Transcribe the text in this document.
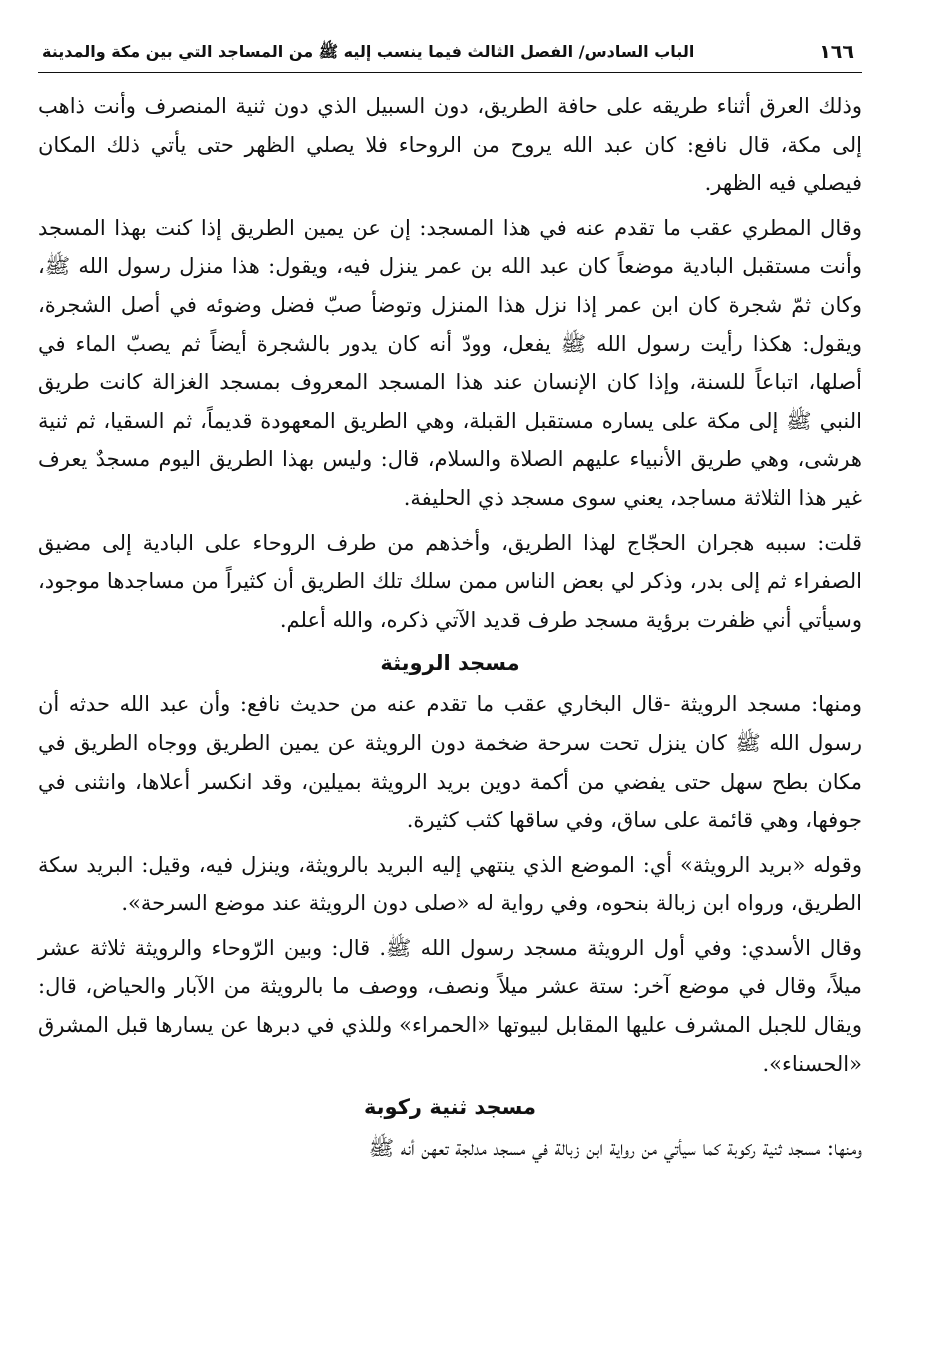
١٦٦
الباب السادس/ الفصل الثالث فيما ينسب إليه ﷺ من المساجد التي بين مكة والمدينة

وذلك العرق أثناء طريقه على حافة الطريق، دون السبيل الذي دون ثنية المنصرف وأنت ذاهب إلى مكة، قال نافع: كان عبد الله يروح من الروحاء فلا يصلي الظهر حتى يأتي ذلك المكان فيصلي فيه الظهر.

وقال المطري عقب ما تقدم عنه في هذا المسجد: إن عن يمين الطريق إذا كنت بهذا المسجد وأنت مستقبل البادية موضعاً كان عبد الله بن عمر ينزل فيه، ويقول: هذا منزل رسول الله ﷺ، وكان ثمّ شجرة كان ابن عمر إذا نزل هذا المنزل وتوضأ صبّ فضل وضوئه في أصل الشجرة، ويقول: هكذا رأيت رسول الله ﷺ يفعل، وودّ أنه كان يدور بالشجرة أيضاً ثم يصبّ الماء في أصلها، اتباعاً للسنة، وإذا كان الإنسان عند هذا المسجد المعروف بمسجد الغزالة كانت طريق النبي ﷺ إلى مكة على يساره مستقبل القبلة، وهي الطريق المعهودة قديماً، ثم السقيا، ثم ثنية هرشى، وهي طريق الأنبياء عليهم الصلاة والسلام، قال: وليس بهذا الطريق اليوم مسجدٌ يعرف غير هذا الثلاثة مساجد، يعني سوى مسجد ذي الحليفة.

قلت: سببه هجران الحجّاج لهذا الطريق، وأخذهم من طرف الروحاء على البادية إلى مضيق الصفراء ثم إلى بدر، وذكر لي بعض الناس ممن سلك تلك الطريق أن كثيراً من مساجدها موجود، وسيأتي أني ظفرت برؤية مسجد طرف قديد الآتي ذكره، والله أعلم.

مسجد الرويثة

ومنها: مسجد الرويثة -قال البخاري عقب ما تقدم عنه من حديث نافع: وأن عبد الله حدثه أن رسول الله ﷺ كان ينزل تحت سرحة ضخمة دون الرويثة عن يمين الطريق ووجاه الطريق في مكان بطح سهل حتى يفضي من أكمة دوين بريد الرويثة بميلين، وقد انكسر أعلاها، وانثنى في جوفها، وهي قائمة على ساق، وفي ساقها كثب كثيرة.

وقوله «بريد الرويثة» أي: الموضع الذي ينتهي إليه البريد بالرويثة، وينزل فيه، وقيل: البريد سكة الطريق، ورواه ابن زبالة بنحوه، وفي رواية له «صلى دون الرويثة عند موضع السرحة».

وقال الأسدي: وفي أول الرويثة مسجد رسول الله ﷺ. قال: وبين الرّوحاء والرويثة ثلاثة عشر ميلاً، وقال في موضع آخر: ستة عشر ميلاً ونصف، ووصف ما بالرويثة من الآبار والحياض، قال: ويقال للجبل المشرف عليها المقابل لبيوتها «الحمراء» وللذي في دبرها عن يسارها قبل المشرق «الحسناء».

مسجد ثنية ركوبة

ومنها: مسجد ثنية ركوبة كما سيأتي من رواية ابن زبالة في مسجد مدلجة تعهن أنه ﷺ
